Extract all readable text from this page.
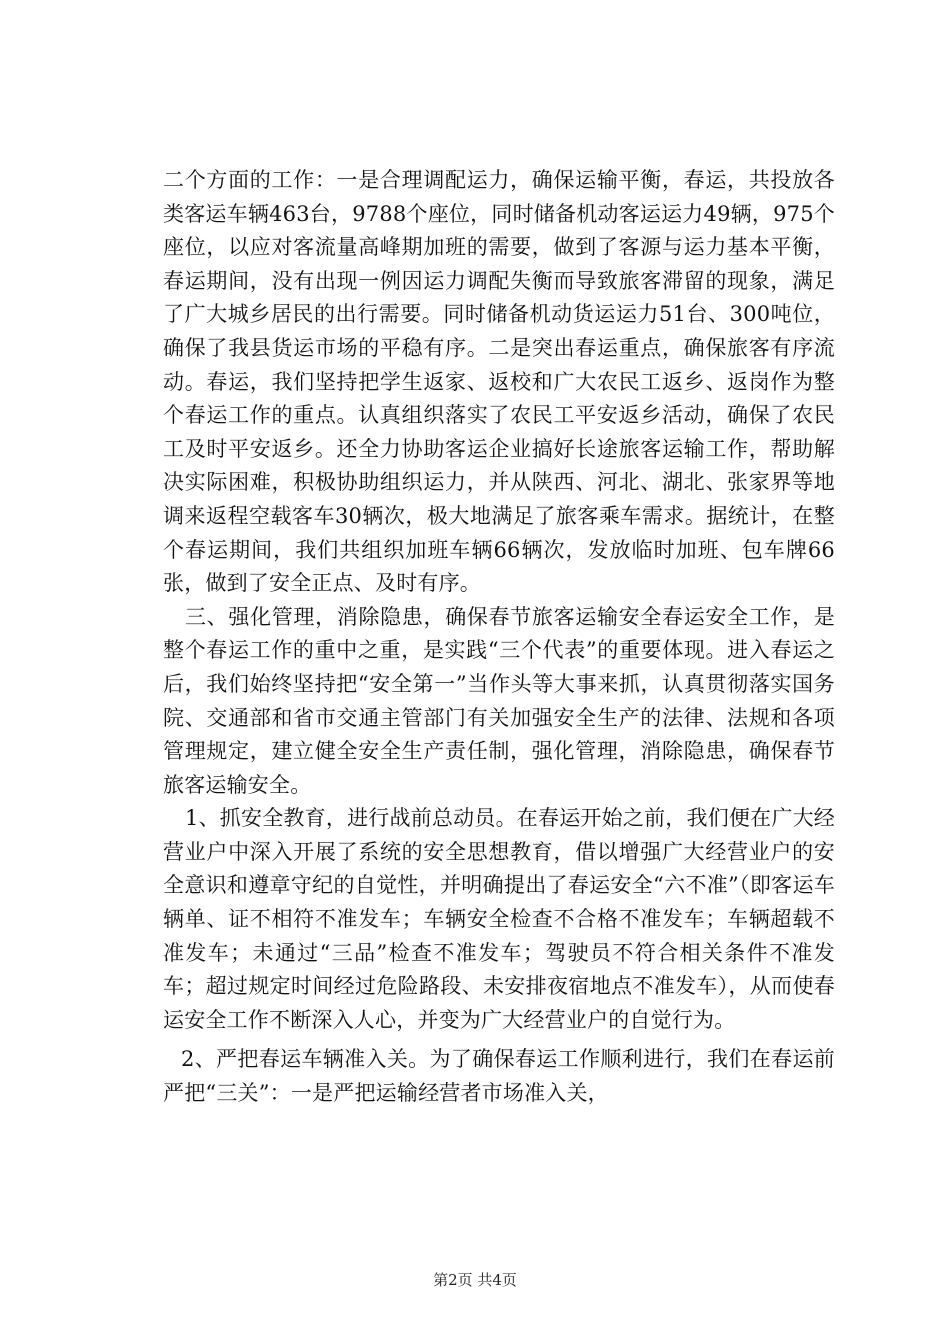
二个方面的工作：一是合理调配运力，确保运输平衡，春运，共投放各类客运车辆463台，9788个座位，同时储备机动客运运力49辆，975个座位，以应对客流量高峰期加班的需要，做到了客源与运力基本平衡，春运期间，没有出现一例因运力调配失衡而导致旅客滞留的现象，满足了广大城乡居民的出行需要。同时储备机动货运运力51台、300吨位，确保了我县货运市场的平稳有序。二是突出春运重点，确保旅客有序流动。春运，我们坚持把学生返家、返校和广大农民工返乡、返岗作为整个春运工作的重点。认真组织落实了农民工平安返乡活动，确保了农民工及时平安返乡。还全力协助客运企业搞好长途旅客运输工作，帮助解决实际困难，积极协助组织运力，并从陕西、河北、湖北、张家界等地调来返程空载客车30辆次，极大地满足了旅客乘车需求。据统计，在整个春运期间，我们共组织加班车辆66辆次，发放临时加班、包车牌66张，做到了安全正点、及时有序。

三、强化管理，消除隐患，确保春节旅客运输安全春运安全工作，是整个春运工作的重中之重，是实践“三个代表”的重要体现。进入春运之后，我们始终坚持把“安全第一”当作头等大事来抓，认真贯彻落实国务院、交通部和省市交通主管部门有关加强安全生产的法律、法规和各项管理规定，建立健全安全生产责任制，强化管理，消除隐患，确保春节旅客运输安全。

1、抓安全教育，进行战前总动员。在春运开始之前，我们便在广大经营业户中深入开展了系统的安全思想教育，借以增强广大经营业户的安全意识和遵章守纪的自觉性，并明确提出了春运安全“六不准”（即客运车辆单、证不相符不准发车；车辆安全检查不合格不准发车；车辆超载不准发车；未通过“三品”检查不准发车；驾驶员不符合相关条件不准发车；超过规定时间经过危险路段、未安排夜宿地点不准发车），从而使春运安全工作不断深入人心，并变为广大经营业户的自觉行为。

2、严把春运车辆准入关。为了确保春运工作顺利进行，我们在春运前严把“三关”：一是严把运输经营者市场准入关，

第2页 共4页
